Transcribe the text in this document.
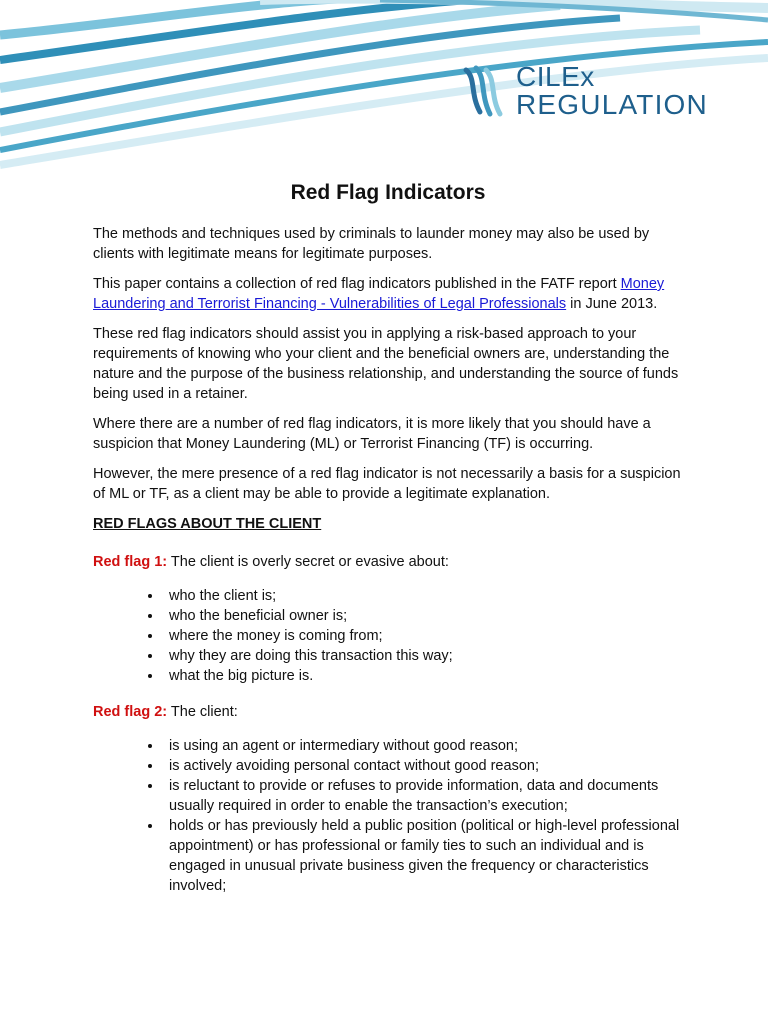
CILEx
REGULATION
Red Flag Indicators

The methods and techniques used by criminals to launder money may also be used by clients with legitimate means for legitimate purposes.

This paper contains a collection of red flag indicators published in the FATF report Money Laundering and Terrorist Financing - Vulnerabilities of Legal Professionals in June 2013.

These red flag indicators should assist you in applying a risk-based approach to your requirements of knowing who your client and the beneficial owners are, understanding the nature and the purpose of the business relationship, and understanding the source of funds being used in a retainer.

Where there are a number of red flag indicators, it is more likely that you should have a suspicion that Money Laundering (ML) or Terrorist Financing (TF) is occurring.

However, the mere presence of a red flag indicator is not necessarily a basis for a suspicion of ML or TF, as a client may be able to provide a legitimate explanation.

RED FLAGS ABOUT THE CLIENT

Red flag 1: The client is overly secret or evasive about:

• who the client is;
• who the beneficial owner is;
• where the money is coming from;
• why they are doing this transaction this way;
• what the big picture is.

Red flag 2: The client:

• is using an agent or intermediary without good reason;
• is actively avoiding personal contact without good reason;
• is reluctant to provide or refuses to provide information, data and documents usually required in order to enable the transaction’s execution;
• holds or has previously held a public position (political or high-level professional appointment) or has professional or family ties to such an individual and is engaged in unusual private business given the frequency or characteristics involved;
